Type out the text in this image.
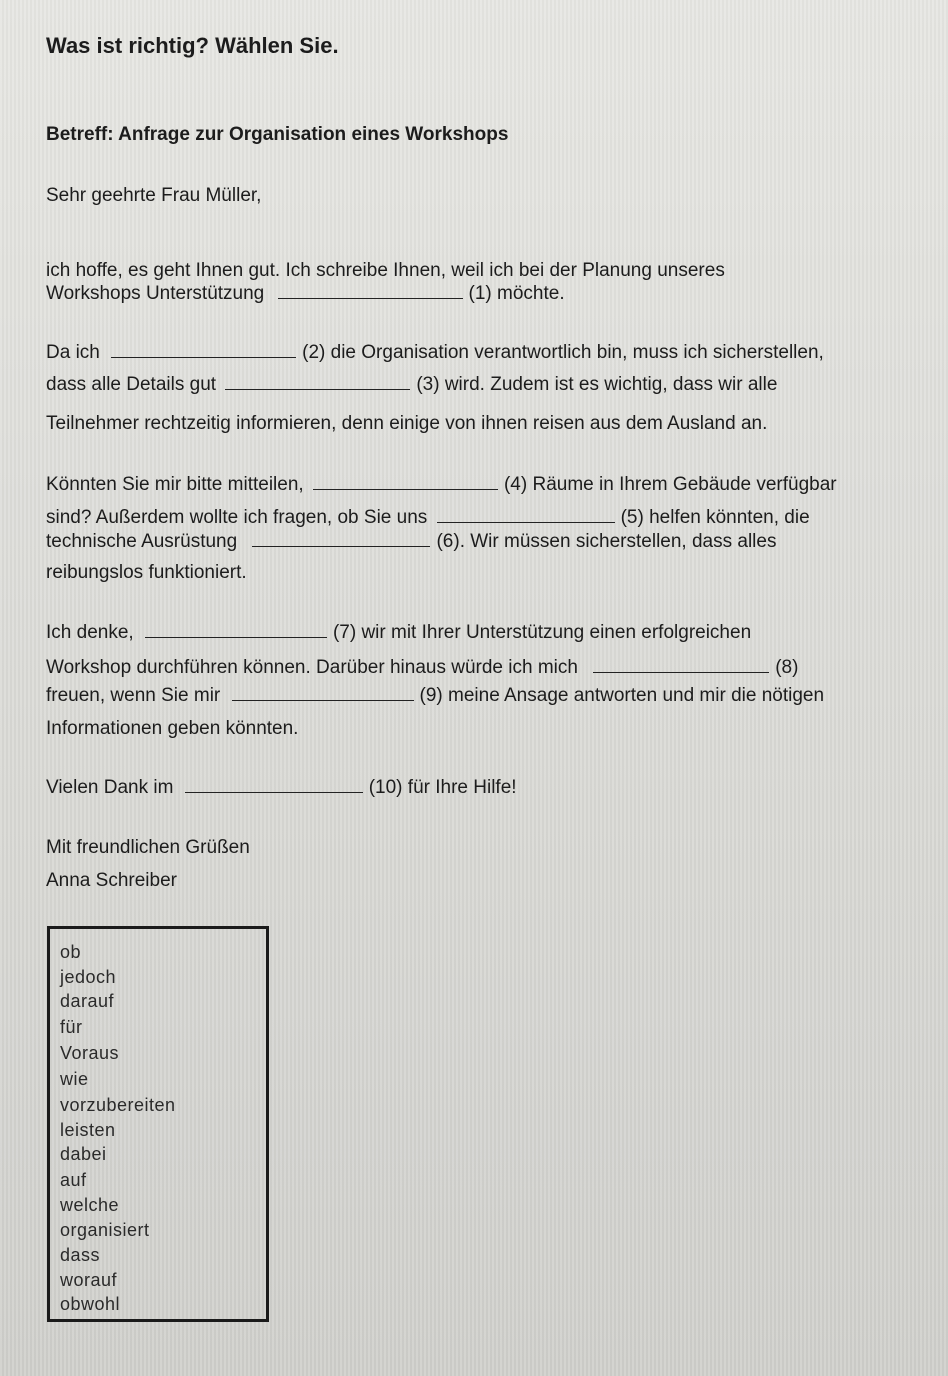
Was ist richtig? Wählen Sie.
Betreff: Anfrage zur Organisation eines Workshops
Sehr geehrte Frau Müller,
ich hoffe, es geht Ihnen gut. Ich schreibe Ihnen, weil ich bei der Planung unseres
Workshops Unterstützung	(1) möchte.
Da ich	(2) die Organisation verantwortlich bin, muss ich sicherstellen,
dass alle Details gut	(3) wird. Zudem ist es wichtig, dass wir alle
Teilnehmer rechtzeitig informieren, denn einige von ihnen reisen aus dem Ausland an.
Könnten Sie mir bitte mitteilen,	(4) Räume in Ihrem Gebäude verfügbar
sind? Außerdem wollte ich fragen, ob Sie uns	(5) helfen könnten, die
technische Ausrüstung	(6). Wir müssen sicherstellen, dass alles
reibungslos funktioniert.
Ich denke,	(7) wir mit Ihrer Unterstützung einen erfolgreichen
Workshop durchführen können. Darüber hinaus würde ich mich	(8)
freuen, wenn Sie mir	(9) meine Ansage antworten und mir die nötigen
Informationen geben könnten.
Vielen Dank im	(10) für Ihre Hilfe!
Mit freundlichen Grüßen
Anna Schreiber
ob
jedoch
darauf
für
Voraus
wie
vorzubereiten
leisten
dabei
auf
welche
organisiert
dass
worauf
obwohl
